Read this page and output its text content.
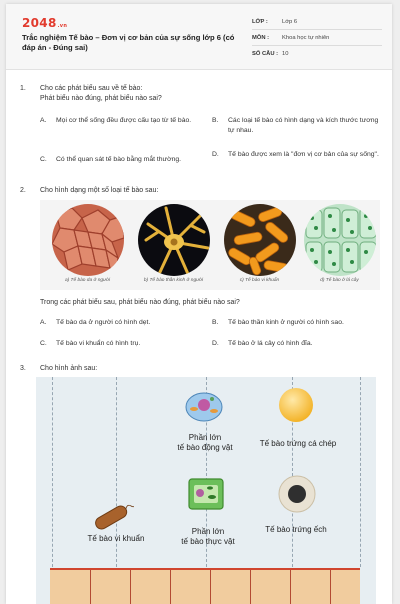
2048.vn
Trắc nghiệm Tế bào – Đơn vị cơ bản của sự sống lớp 6 (có đáp án - Đúng sai)
LỚP :	Lớp 6
MÔN :	Khoa học tự nhiên
SỐ CÂU : 10
1.	Cho các phát biểu sau về tế bào:
Phát biểu nào đúng, phát biểu nào sai?
A.	Mọi cơ thể sống đều được cấu tạo từ tế bào.	B.	Các loại tế bào có hình dạng và kích thước tương tự nhau.
C.	Có thể quan sát tế bào bằng mắt thường.
D.	Tế bào được xem là "đơn vị cơ bản của sự sống".
2.	Cho hình dạng một số loại tế bào sau:
a) Tế bào da ở người	b) Tế bào thần kinh ở người	c) Tế bào vi khuẩn	d) Tế bào ở lá cây
Trong các phát biểu sau, phát biểu nào đúng, phát biểu nào sai?
A.	Tế bào da ở người có hình dẹt.	B.	Tế bào thần kinh ở người có hình sao.
C.	Tế bào vi khuẩn có hình trụ.	D.	Tế bào ở lá cây có hình đĩa.
3.	Cho hình ảnh sau:
Phần lớn
tế bào động vật	Tế bào trứng cá chép
Tế bào vi khuẩn
Phần lớn
tế bào thực vật
Tế bào trứng ếch
